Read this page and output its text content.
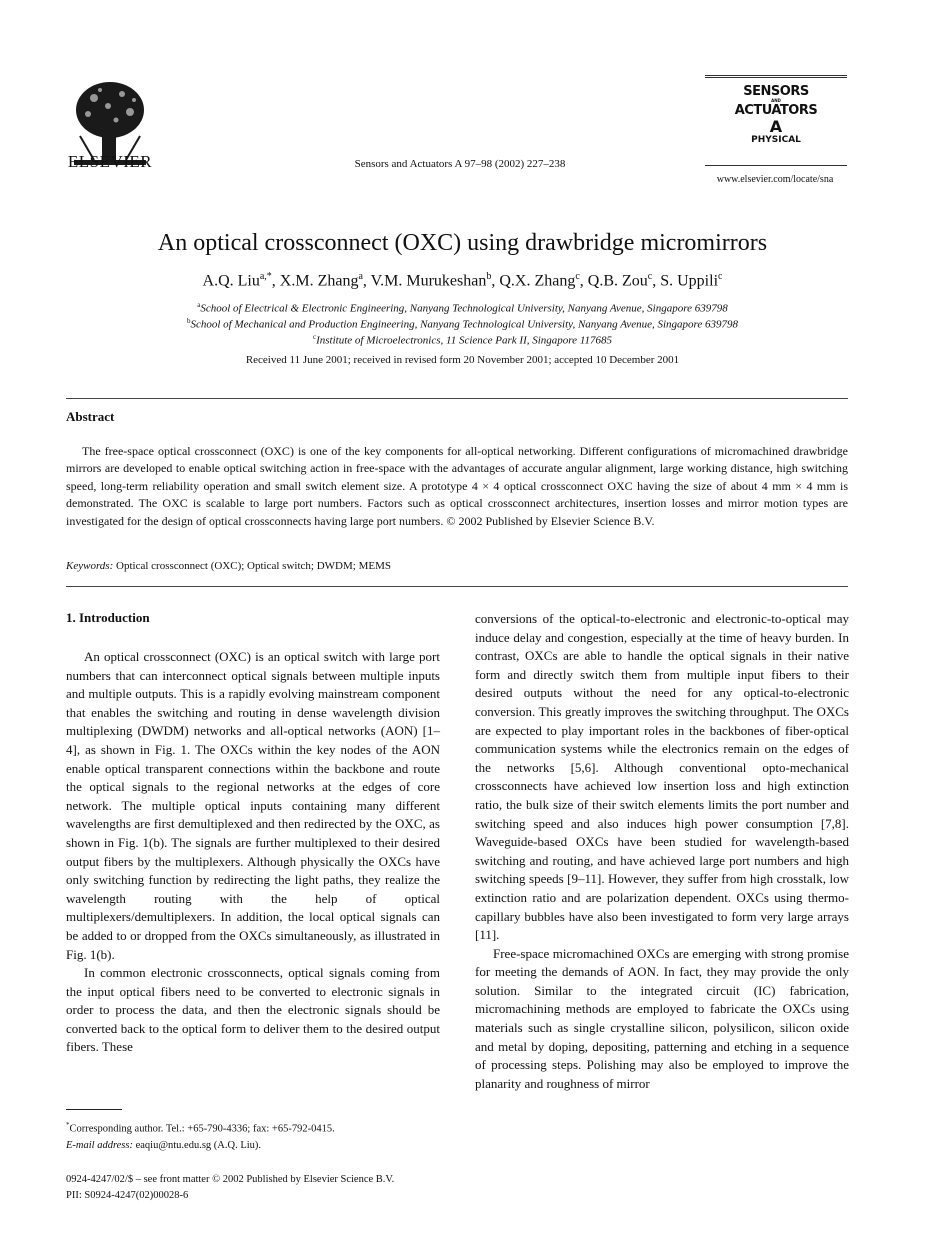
ELSEVIER	Sensors and Actuators A 97–98 (2002) 227–238
SENSORS
AND
ACTUATORS
A
PHYSICAL
www.elsevier.com/locate/sna
An optical crossconnect (OXC) using drawbridge micromirrors
A.Q. Liu$^{a,*}$, X.M. Zhang$^a$, V.M. Murukeshan$^b$, Q.X. Zhang$^c$, Q.B. Zou$^c$, S. Uppili$^c$
$^a$School of Electrical & Electronic Engineering, Nanyang Technological University, Nanyang Avenue, Singapore 639798
$^b$School of Mechanical and Production Engineering, Nanyang Technological University, Nanyang Avenue, Singapore 639798
$^c$Institute of Microelectronics, 11 Science Park II, Singapore 117685
Received 11 June 2001; received in revised form 20 November 2001; accepted 10 December 2001
Abstract

The free-space optical crossconnect (OXC) is one of the key components for all-optical networking. Different configurations of micromachined drawbridge mirrors are developed to enable optical switching action in free-space with the advantages of accurate angular alignment, large working distance, high switching speed, long-term reliability operation and small switch element size. A prototype 4 × 4 optical crossconnect OXC having the size of about 4 mm × 4 mm is demonstrated. The OXC is scalable to large port numbers. Factors such as optical crossconnect architectures, insertion losses and mirror motion types are investigated for the design of optical crossconnects having large port numbers. © 2002 Published by Elsevier Science B.V.

Keywords: Optical crossconnect (OXC); Optical switch; DWDM; MEMS
1. Introduction

An optical crossconnect (OXC) is an optical switch with large port numbers that can interconnect optical signals between multiple inputs and multiple outputs. This is a rapidly evolving mainstream component that enables the switching and routing in dense wavelength division multiplexing (DWDM) networks and all-optical networks (AON) [1–4], as shown in Fig. 1. The OXCs within the key nodes of the AON enable optical transparent connections within the backbone and route the optical signals to the regional networks at the edges of core network. The multiple optical inputs containing many different wavelengths are first demultiplexed and then redirected by the OXC, as shown in Fig. 1(b). The signals are further multiplexed to their desired output fibers by the multiplexers. Although physically the OXCs have only switching function by redirecting the light paths, they realize the wavelength routing with the help of optical multiplexers/demultiplexers. In addition, the local optical signals can be added to or dropped from the OXCs simultaneously, as illustrated in Fig. 1(b).

In common electronic crossconnects, optical signals coming from the input optical fibers need to be converted to electronic signals in order to process the data, and then the electronic signals should be converted back to the optical form to deliver them to the desired output fibers. These

conversions of the optical-to-electronic and electronic-to-optical may induce delay and congestion, especially at the time of heavy burden. In contrast, OXCs are able to handle the optical signals in their native form and directly switch them from multiple input fibers to their desired outputs without the need for any optical-to-electronic conversion. This greatly improves the switching throughput. The OXCs are expected to play important roles in the backbones of fiber-optical communication systems while the electronics remain on the edges of the networks [5,6]. Although conventional opto-mechanical crossconnects have achieved low insertion loss and high extinction ratio, the bulk size of their switch elements limits the port number and switching speed and also induces high power consumption [7,8]. Waveguide-based OXCs have been studied for wavelength-based switching and routing, and have achieved large port numbers and high switching speeds [9–11]. However, they suffer from high crosstalk, low extinction ratio and are polarization dependent. OXCs using thermo-capillary bubbles have also been investigated to form very large arrays [11].

Free-space micromachined OXCs are emerging with strong promise for meeting the demands of AON. In fact, they may provide the only solution. Similar to the integrated circuit (IC) fabrication, micromachining methods are employed to fabricate the OXCs using materials such as single crystalline silicon, polysilicon, silicon oxide and metal by doping, depositing, patterning and etching in a sequence of processing steps. Polishing may also be employed to improve the planarity and roughness of mirror

*Corresponding author. Tel.: +65-790-4336; fax: +65-792-0415.
E-mail address: eaqiu@ntu.edu.sg (A.Q. Liu).
0924-4247/02/$ – see front matter © 2002 Published by Elsevier Science B.V.
PII: S0924-4247(02)00028-6
